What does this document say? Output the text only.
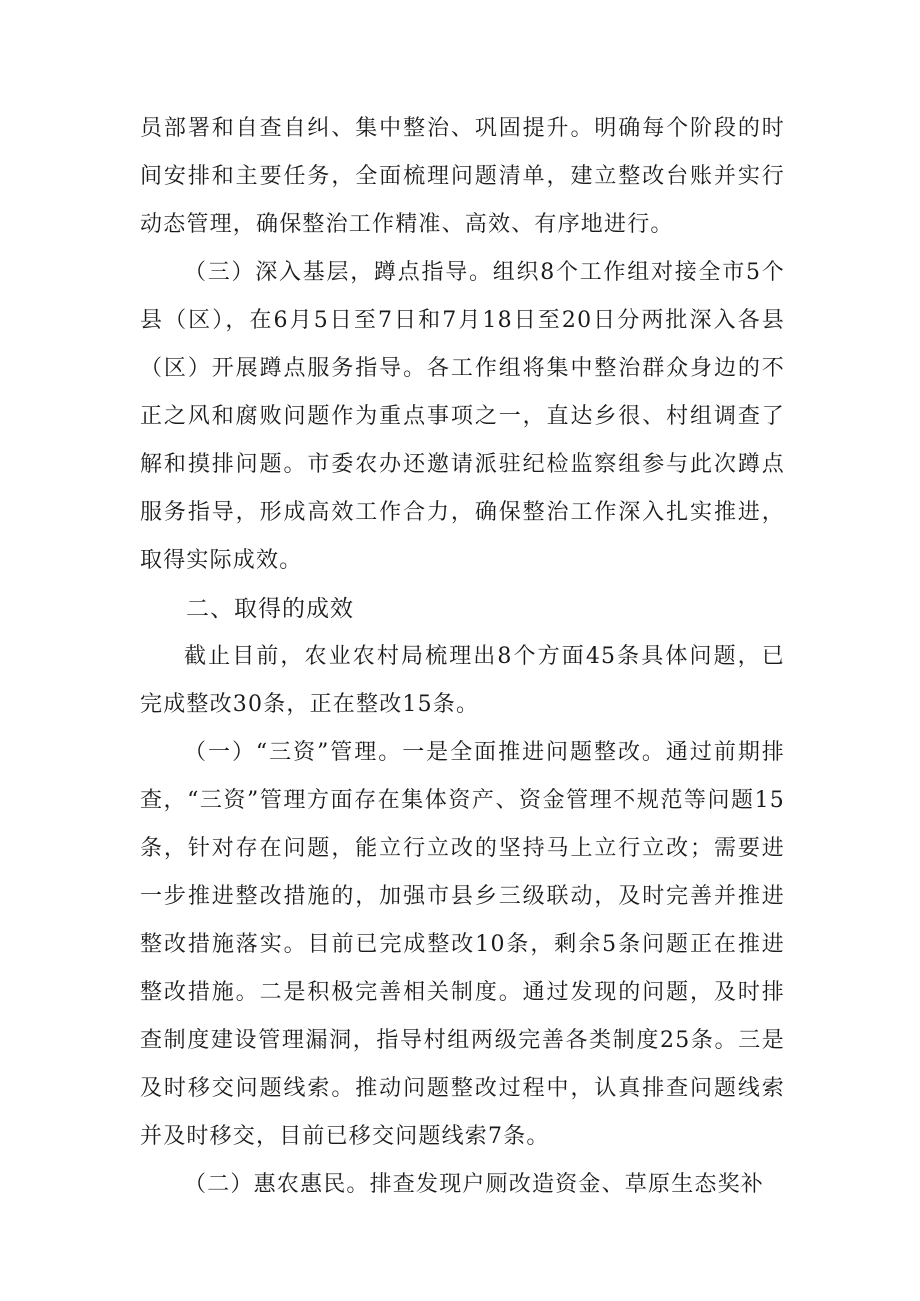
员部署和自查自纠、集中整治、巩固提升。明确每个阶段的时间安排和主要任务，全面梳理问题清单，建立整改台账并实行动态管理，确保整治工作精准、高效、有序地进行。

（三）深入基层，蹲点指导。组织8个工作组对接全市5个县（区），在6月5日至7日和7月18日至20日分两批深入各县（区）开展蹲点服务指导。各工作组将集中整治群众身边的不正之风和腐败问题作为重点事项之一，直达乡很、村组调查了解和摸排问题。市委农办还邀请派驻纪检监察组参与此次蹲点服务指导，形成高效工作合力，确保整治工作深入扎实推进，取得实际成效。

二、取得的成效

截止目前，农业农村局梳理出8个方面45条具体问题，已完成整改30条，正在整改15条。

（一）“三资”管理。一是全面推进问题整改。通过前期排查，“三资”管理方面存在集体资产、资金管理不规范等问题15条，针对存在问题，能立行立改的坚持马上立行立改；需要进一步推进整改措施的，加强市县乡三级联动，及时完善并推进整改措施落实。目前已完成整改10条，剩余5条问题正在推进整改措施。二是积极完善相关制度。通过发现的问题，及时排查制度建设管理漏洞，指导村组两级完善各类制度25条。三是及时移交问题线索。推动问题整改过程中，认真排查问题线索并及时移交，目前已移交问题线索7条。

（二）惠农惠民。排查发现户厕改造资金、草原生态奖补
